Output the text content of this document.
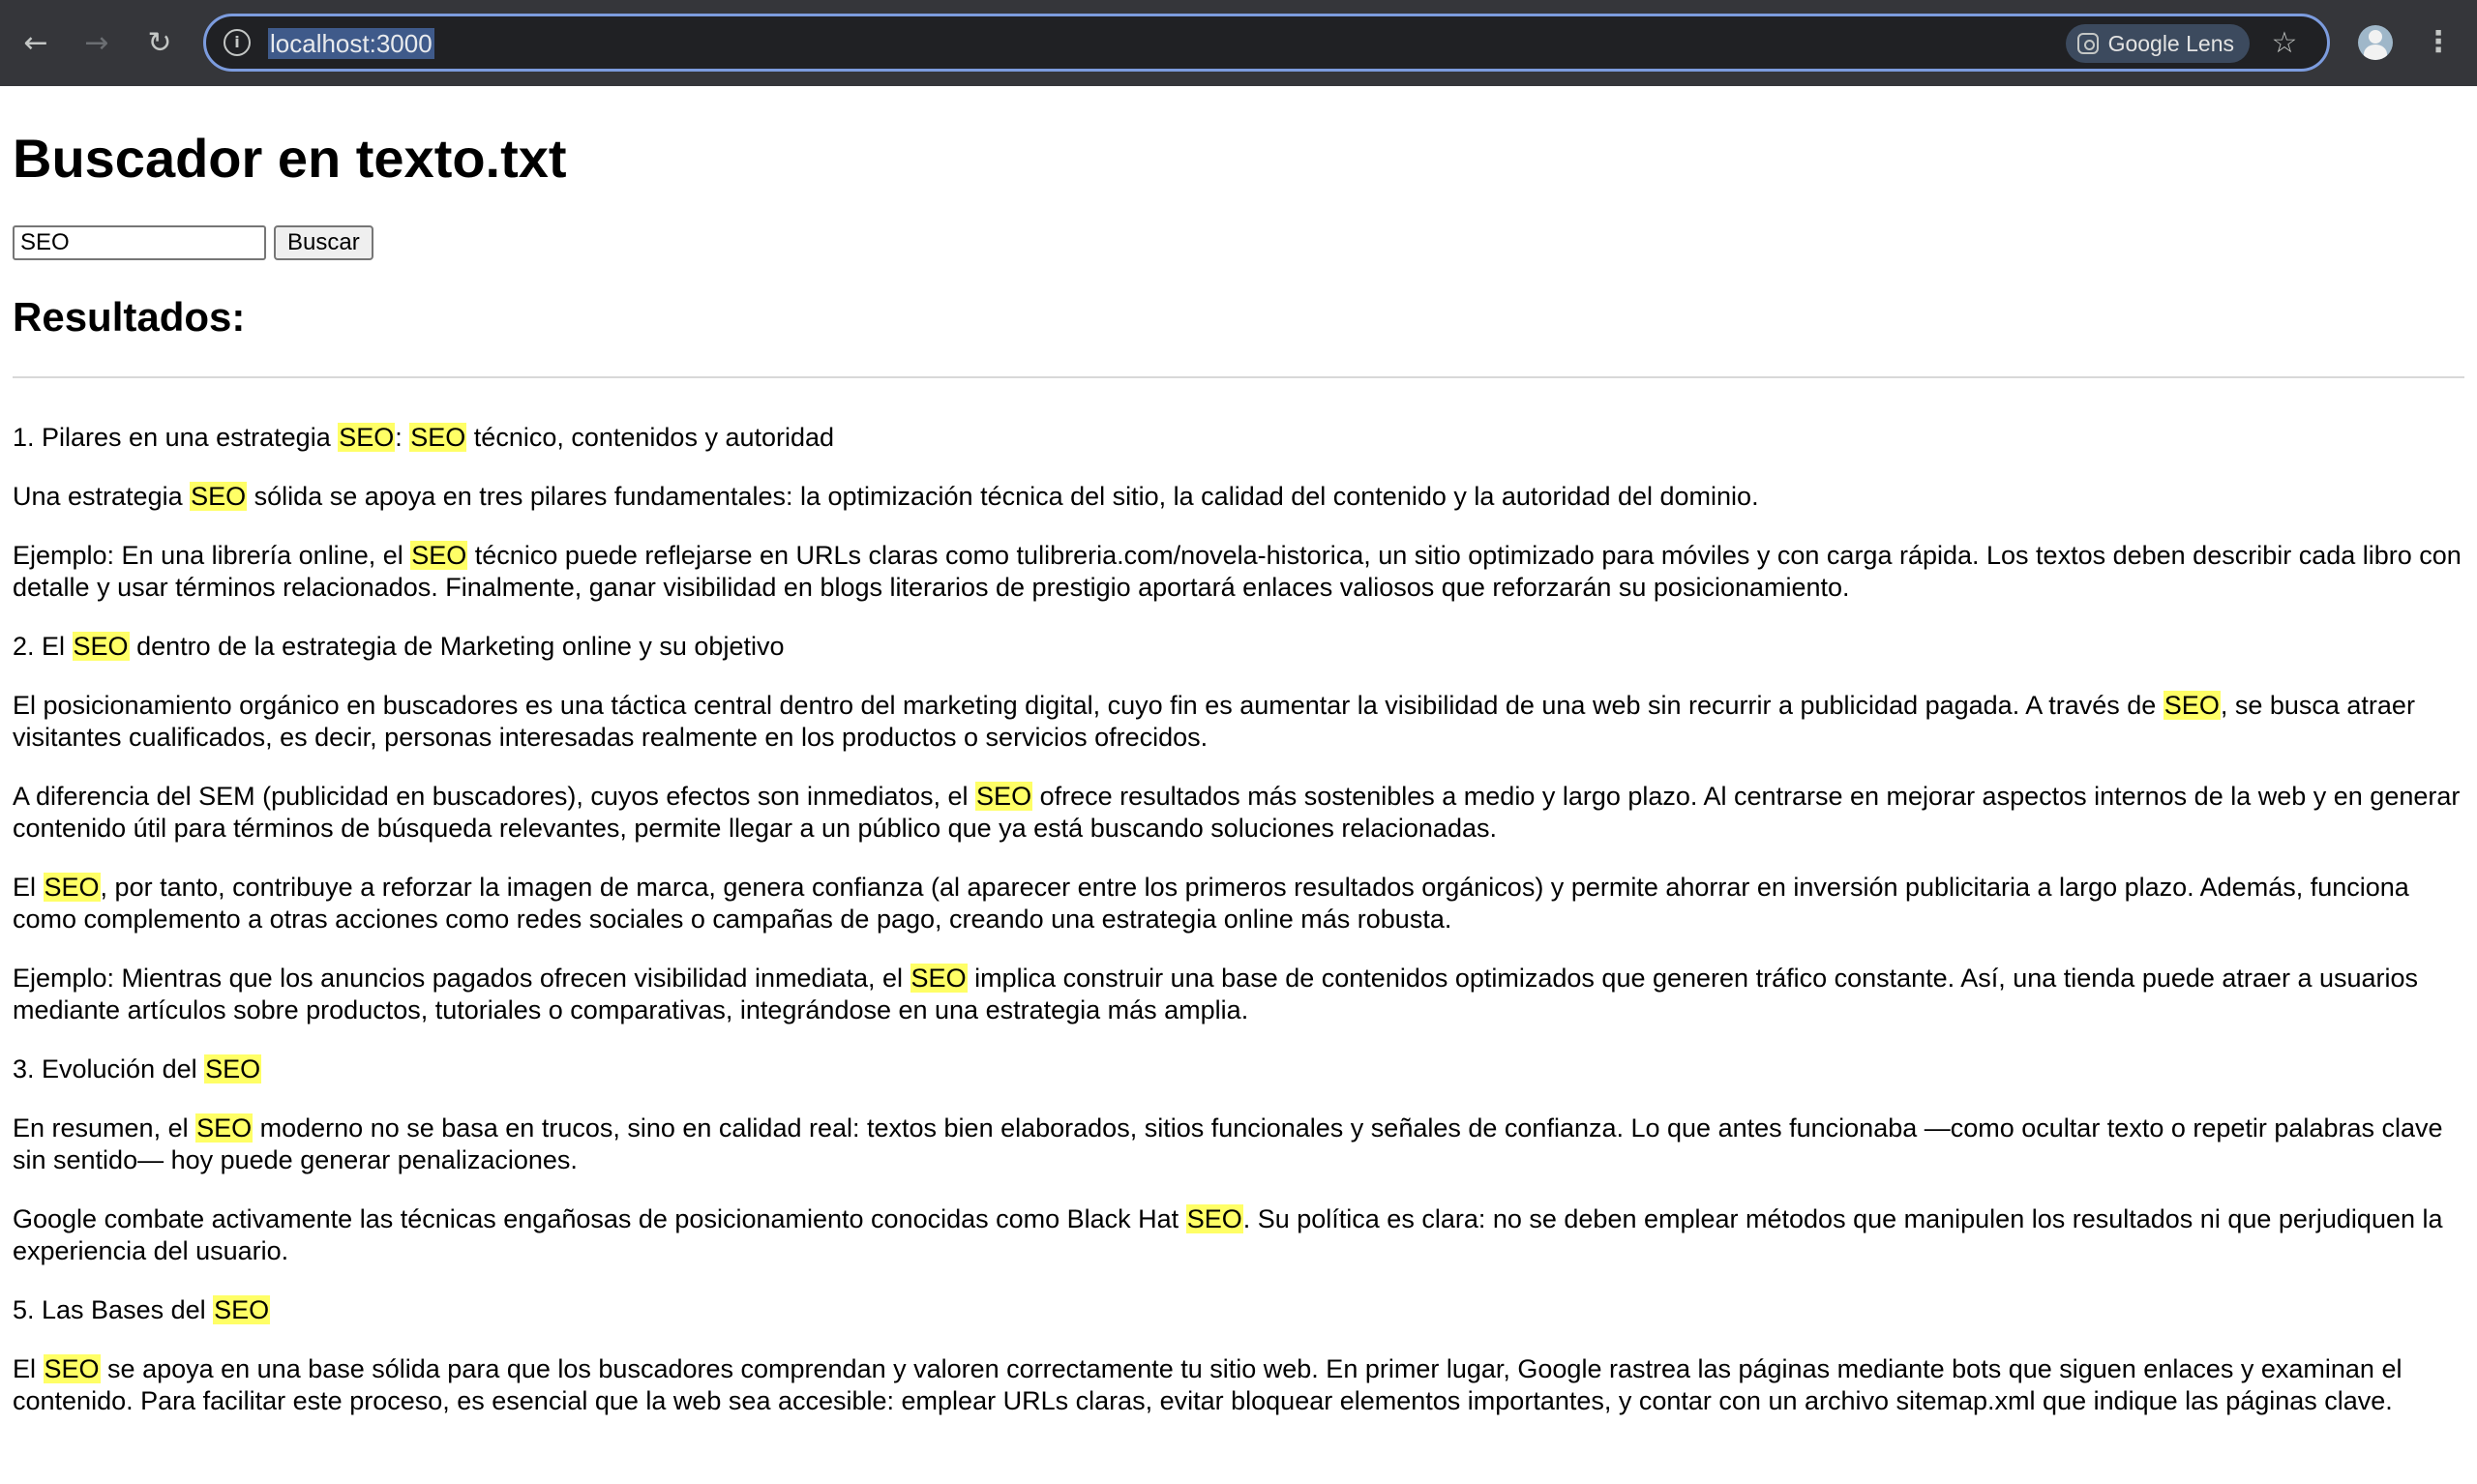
← → ↻	i	localhost:3000	Google Lens ☆	⋮
Buscador en texto.txt
SEO
Buscar
Resultados:

1. Pilares en una estrategia SEO: SEO técnico, contenidos y autoridad

Una estrategia SEO sólida se apoya en tres pilares fundamentales: la optimización técnica del sitio, la calidad del contenido y la autoridad del dominio.

Ejemplo: En una librería online, el SEO técnico puede reflejarse en URLs claras como tulibreria.com/novela-historica, un sitio optimizado para móviles y con carga rápida. Los textos deben describir cada libro con detalle y usar términos relacionados. Finalmente, ganar visibilidad en blogs literarios de prestigio aportará enlaces valiosos que reforzarán su posicionamiento.

2. El SEO dentro de la estrategia de Marketing online y su objetivo

El posicionamiento orgánico en buscadores es una táctica central dentro del marketing digital, cuyo fin es aumentar la visibilidad de una web sin recurrir a publicidad pagada. A través de SEO, se busca atraer visitantes cualificados, es decir, personas interesadas realmente en los productos o servicios ofrecidos.

A diferencia del SEM (publicidad en buscadores), cuyos efectos son inmediatos, el SEO ofrece resultados más sostenibles a medio y largo plazo. Al centrarse en mejorar aspectos internos de la web y en generar contenido útil para términos de búsqueda relevantes, permite llegar a un público que ya está buscando soluciones relacionadas.

El SEO, por tanto, contribuye a reforzar la imagen de marca, genera confianza (al aparecer entre los primeros resultados orgánicos) y permite ahorrar en inversión publicitaria a largo plazo. Además, funciona como complemento a otras acciones como redes sociales o campañas de pago, creando una estrategia online más robusta.

Ejemplo: Mientras que los anuncios pagados ofrecen visibilidad inmediata, el SEO implica construir una base de contenidos optimizados que generen tráfico constante. Así, una tienda puede atraer a usuarios mediante artículos sobre productos, tutoriales o comparativas, integrándose en una estrategia más amplia.

3. Evolución del SEO

En resumen, el SEO moderno no se basa en trucos, sino en calidad real: textos bien elaborados, sitios funcionales y señales de confianza. Lo que antes funcionaba —como ocultar texto o repetir palabras clave sin sentido— hoy puede generar penalizaciones.

Google combate activamente las técnicas engañosas de posicionamiento conocidas como Black Hat SEO. Su política es clara: no se deben emplear métodos que manipulen los resultados ni que perjudiquen la experiencia del usuario.

5. Las Bases del SEO

El SEO se apoya en una base sólida para que los buscadores comprendan y valoren correctamente tu sitio web. En primer lugar, Google rastrea las páginas mediante bots que siguen enlaces y examinan el contenido. Para facilitar este proceso, es esencial que la web sea accesible: emplear URLs claras, evitar bloquear elementos importantes, y contar con un archivo sitemap.xml que indique las páginas clave.
